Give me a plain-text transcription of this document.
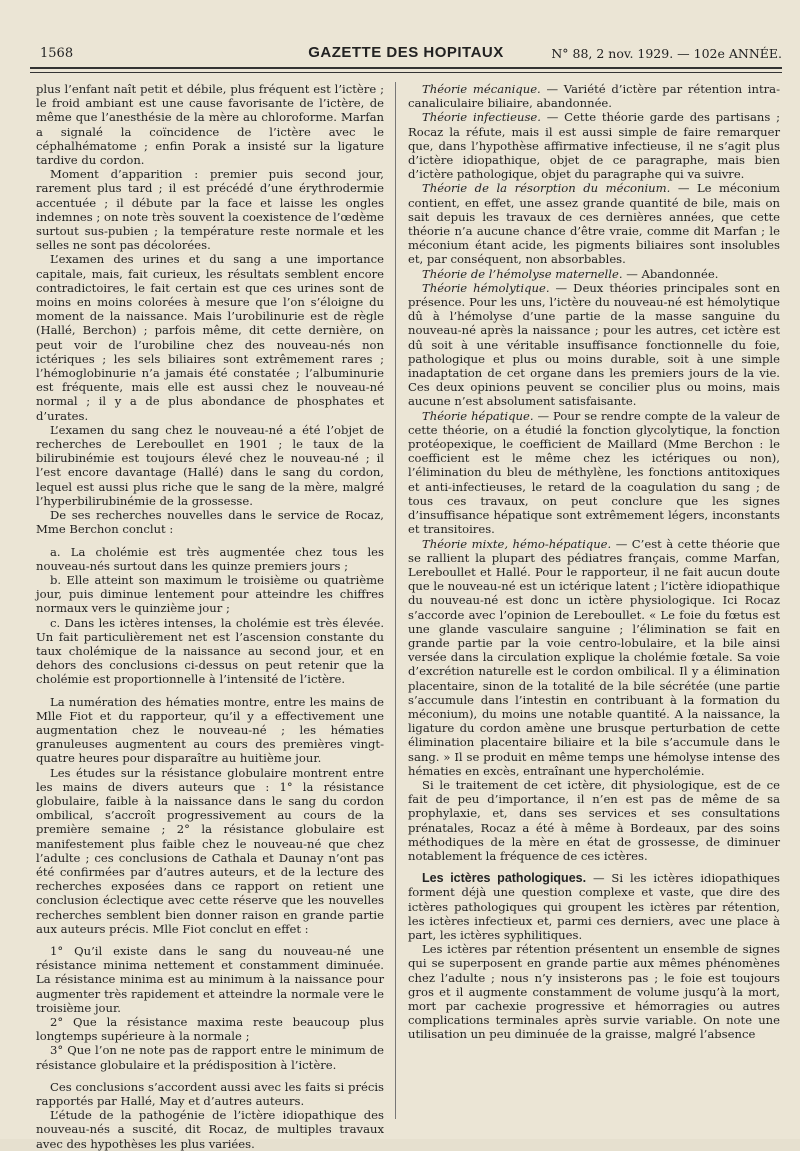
1568	GAZETTE DES HOPITAUX	N° 88, 2 nov. 1929. — 102e ANNÉE.

plus l’enfant naît petit et débile, plus fréquent est l’ictère ; le froid ambiant est une cause favorisante de l’ictère, de même que l’anesthésie de la mère au chloroforme. Marfan a signalé la coïncidence de l’ictère avec le céphalhématome ; enfin Porak a insisté sur la ligature tardive du cordon.

Moment d’apparition : premier puis second jour, rarement plus tard ; il est précédé d’une érythrodermie accentuée ; il débute par la face et laisse les ongles indemnes ; on note très souvent la coexistence de l’œdème surtout sus-pubien ; la température reste normale et les selles ne sont pas décolorées.

L’examen des urines et du sang a une importance capitale, mais, fait curieux, les résultats semblent encore contradictoires, le fait certain est que ces urines sont de moins en moins colorées à mesure que l’on s’éloigne du moment de la naissance. Mais l’urobilinurie est de règle (Hallé, Berchon) ; parfois même, dit cette dernière, on peut voir de l’urobiline chez des nouveau-nés non ictériques ; les sels biliaires sont extrêmement rares ; l’hémoglobinurie n’a jamais été constatée ; l’albuminurie est fréquente, mais elle est aussi chez le nouveau-né normal ; il y a de plus abondance de phosphates et d’urates.

L’examen du sang chez le nouveau-né a été l’objet de recherches de Lereboullet en 1901 ; le taux de la bilirubinémie est toujours élevé chez le nouveau-né ; il l’est encore davantage (Hallé) dans le sang du cordon, lequel est aussi plus riche que le sang de la mère, malgré l’hyperbilirubinémie de la grossesse.

De ses recherches nouvelles dans le service de Rocaz, Mme Berchon conclut :

a. La cholémie est très augmentée chez tous les nouveau-nés surtout dans les quinze premiers jours ;

b. Elle atteint son maximum le troisième ou quatrième jour, puis diminue lentement pour atteindre les chiffres normaux vers le quinzième jour ;

c. Dans les ictères intenses, la cholémie est très élevée. Un fait particulièrement net est l’ascension constante du taux cholémique de la naissance au second jour, et en dehors des conclusions ci-dessus on peut retenir que la cholémie est proportionnelle à l’intensité de l’ictère.

La numération des hématies montre, entre les mains de Mlle Fiot et du rapporteur, qu’il y a effectivement une augmentation chez le nouveau-né ; les hématies granuleuses augmentent au cours des premières vingt-quatre heures pour disparaître au huitième jour.

Les études sur la résistance globulaire montrent entre les mains de divers auteurs que : 1° la résistance globulaire, faible à la naissance dans le sang du cordon ombilical, s’accroît progressivement au cours de la première semaine ; 2° la résistance globulaire est manifestement plus faible chez le nouveau-né que chez l’adulte ; ces conclusions de Cathala et Daunay n’ont pas été confirmées par d’autres auteurs, et de la lecture des recherches exposées dans ce rapport on retient une conclusion éclectique avec cette réserve que les nouvelles recherches semblent bien donner raison en grande partie aux auteurs précis. Mlle Fiot conclut en effet :

1° Qu’il existe dans le sang du nouveau-né une résistance minima nettement et constamment diminuée. La résistance minima est au minimum à la naissance pour augmenter très rapidement et atteindre la normale vere le troisième jour.

2° Que la résistance maxima reste beaucoup plus longtemps supérieure à la normale ;

3° Que l’on ne note pas de rapport entre le minimum de résistance globulaire et la prédisposition à l’ictère.

Ces conclusions s’accordent aussi avec les faits si précis rapportés par Hallé, May et d’autres auteurs.

L’étude de la pathogénie de l’ictère idiopathique des nouveau-nés a suscité, dit Rocaz, de multiples travaux avec des hypothèses les plus variées.

Théorie mécanique. — Variété d’ictère par rétention intra-canaliculaire biliaire, abandonnée.

Théorie infectieuse. — Cette théorie garde des partisans ; Rocaz la réfute, mais il est aussi simple de faire remarquer que, dans l’hypothèse affirmative infectieuse, il ne s’agit plus d’ictère idiopathique, objet de ce paragraphe, mais bien d’ictère pathologique, objet du paragraphe qui va suivre.

Théorie de la résorption du méconium. — Le méconium contient, en effet, une assez grande quantité de bile, mais on sait depuis les travaux de ces dernières années, que cette théorie n’a aucune chance d’être vraie, comme dit Marfan ; le méconium étant acide, les pigments biliaires sont insolubles et, par conséquent, non absorbables.

Théorie de l’hémolyse maternelle. — Abandonnée.

Théorie hémolytique. — Deux théories principales sont en présence. Pour les uns, l’ictère du nouveau-né est hémolytique dû à l’hémolyse d’une partie de la masse sanguine du nouveau-né après la naissance ; pour les autres, cet ictère est dû soit à une véritable insuffisance fonctionnelle du foie, pathologique et plus ou moins durable, soit à une simple inadaptation de cet organe dans les premiers jours de la vie. Ces deux opinions peuvent se concilier plus ou moins, mais aucune n’est absolument satisfaisante.

Théorie hépatique. — Pour se rendre compte de la valeur de cette théorie, on a étudié la fonction glycolytique, la fonction protéopexique, le coefficient de Maillard (Mme Berchon : le coefficient est le même chez les ictériques ou non), l’élimination du bleu de méthylène, les fonctions antitoxiques et anti-infectieuses, le retard de la coagulation du sang ; de tous ces travaux, on peut conclure que les signes d’insuffisance hépatique sont extrêmement légers, inconstants et transitoires.

Théorie mixte, hémo-hépatique. — C’est à cette théorie que se rallient la plupart des pédiatres français, comme Marfan, Lereboullet et Hallé. Pour le rapporteur, il ne fait aucun doute que le nouveau-né est un ictérique latent ; l’ictère idiopathique du nouveau-né est donc un ictère physiologique. Ici Rocaz s’accorde avec l’opinion de Lereboullet. « Le foie du fœtus est une glande vasculaire sanguine ; l’élimination se fait en grande partie par la voie centro-lobulaire, et la bile ainsi versée dans la circulation explique la cholémie fœtale. Sa voie d’excrétion naturelle est le cordon ombilical. Il y a élimination placentaire, sinon de la totalité de la bile sécrétée (une partie s’accumule dans l’intestin en contribuant à la formation du méconium), du moins une notable quantité. A la naissance, la ligature du cordon amène une brusque perturbation de cette élimination placentaire biliaire et la bile s’accumule dans le sang. » Il se produit en même temps une hémolyse intense des hématies en excès, entraînant une hypercholémie.

Si le traitement de cet ictère, dit physiologique, est de ce fait de peu d’importance, il n’en est pas de même de sa prophylaxie, et, dans ses services et ses consultations prénatales, Rocaz a été à même à Bordeaux, par des soins méthodiques de la mère en état de grossesse, de diminuer notablement la fréquence de ces ictères.

Les ictères pathologiques. — Si les ictères idiopathiques forment déjà une question complexe et vaste, que dire des ictères pathologiques qui groupent les ictères par rétention, les ictères infectieux et, parmi ces derniers, avec une place à part, les ictères syphilitiques.

Les ictères par rétention présentent un ensemble de signes qui se superposent en grande partie aux mêmes phénomènes chez l’adulte ; nous n’y insisterons pas ; le foie est toujours gros et il augmente constamment de volume jusqu’à la mort, mort par cachexie progressive et hémorragies ou autres complications terminales après survie variable. On note une utilisation un peu diminuée de la graisse, malgré l’absence
